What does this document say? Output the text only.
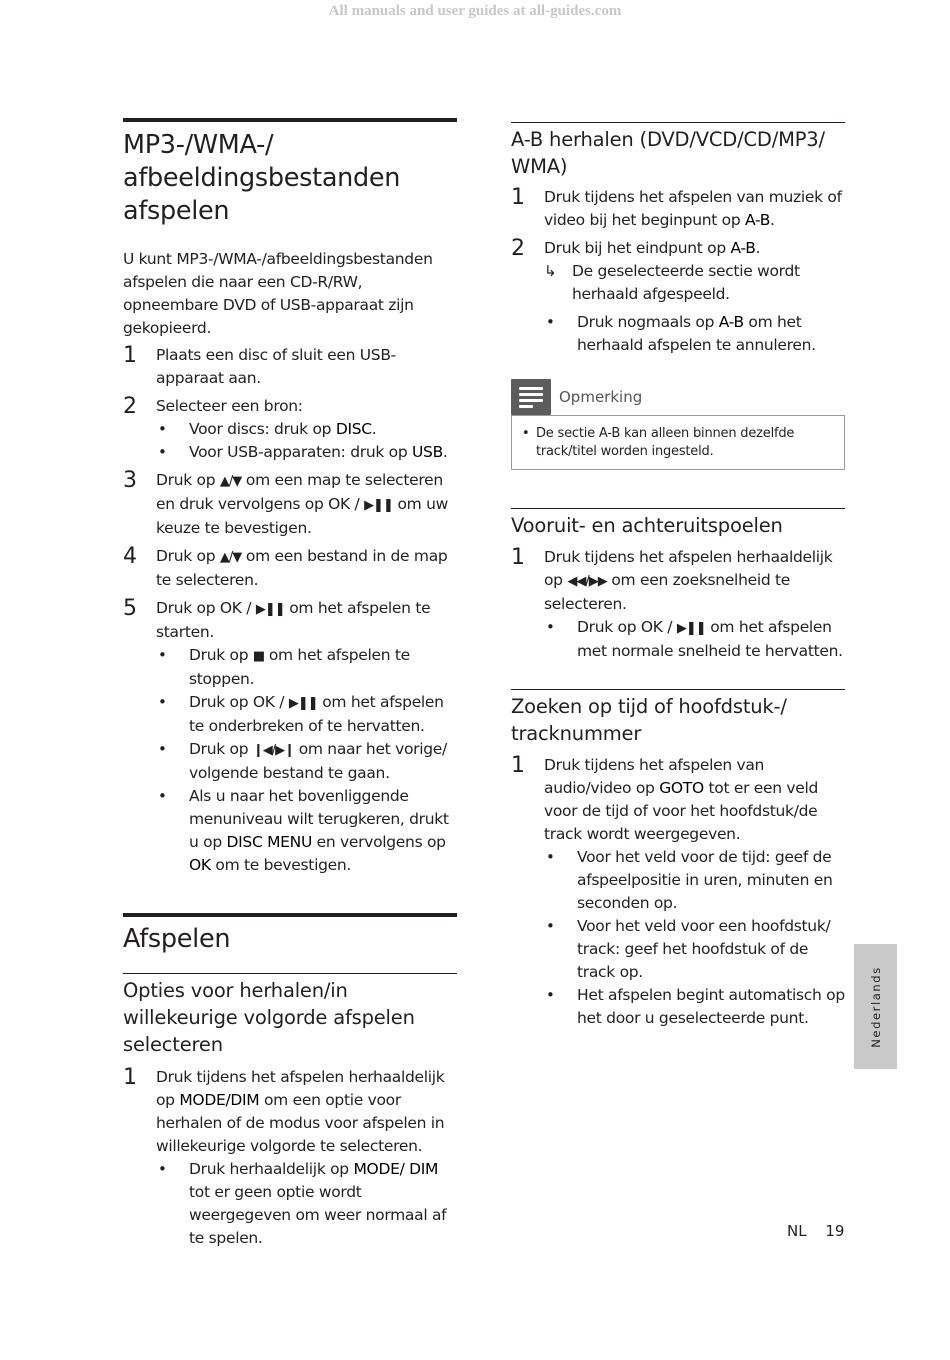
All manuals and user guides at all-guides.com
MP3-/WMA-/
afbeeldingsbestanden afspelen

U kunt MP3-/WMA-/afbeeldingsbestanden afspelen die naar een CD-R/RW, opneembare DVD of USB-apparaat zijn gekopieerd.

1	Plaats een disc of sluit een USB-apparaat aan.
2	Selecteer een bron:

•	Voor discs: druk op DISC.
•	Voor USB-apparaten: druk op USB.
3	Druk op ▲/▼ om een map te selecteren en druk vervolgens op OK / ▶❚❚ om uw keuze te bevestigen.
4	Druk op ▲/▼ om een bestand in de map te selecteren.
5	Druk op OK / ▶❚❚ om het afspelen te starten.

•	Druk op ■ om het afspelen te stoppen.
•	Druk op OK / ▶❚❚ om het afspelen te onderbreken of te hervatten.
•	Druk op ❙◀/▶❙ om naar het vorige/ volgende bestand te gaan.
•	Als u naar het bovenliggende menuniveau wilt terugkeren, drukt u op DISC MENU en vervolgens op OK om te bevestigen.
Afspelen
Opties voor herhalen/in willekeurige volgorde afspelen selecteren
1	Druk tijdens het afspelen herhaaldelijk op MODE/DIM om een optie voor herhalen of de modus voor afspelen in willekeurige volgorde te selecteren.

•	Druk herhaaldelijk op MODE/ DIM tot er geen optie wordt weergegeven om weer normaal af te spelen.
A-B herhalen (DVD/VCD/CD/MP3/ WMA)
1	Druk tijdens het afspelen van muziek of video bij het beginpunt op A-B.
2	Druk bij het eindpunt op A-B.

↳	De geselecteerde sectie wordt herhaald afgespeeld.
•	Druk nogmaals op A-B om het herhaald afspelen te annuleren.
Opmerking
• De sectie A-B kan alleen binnen dezelfde track/titel worden ingesteld.
Vooruit- en achteruitspoelen
1	Druk tijdens het afspelen herhaaldelijk op ◀◀/▶▶ om een zoeksnelheid te selecteren.

•	Druk op OK / ▶❚❚ om het afspelen met normale snelheid te hervatten.
Zoeken op tijd of hoofdstuk-/ tracknummer
1	Druk tijdens het afspelen van audio/video op GOTO tot er een veld voor de tijd of voor het hoofdstuk/de track wordt weergegeven.

•	Voor het veld voor de tijd: geef de afspeelpositie in uren, minuten en seconden op.
•	Voor het veld voor een hoofdstuk/ track: geef het hoofdstuk of de track op.
•	Het afspelen begint automatisch op het door u geselecteerde punt.	Nederlands
NL 19
